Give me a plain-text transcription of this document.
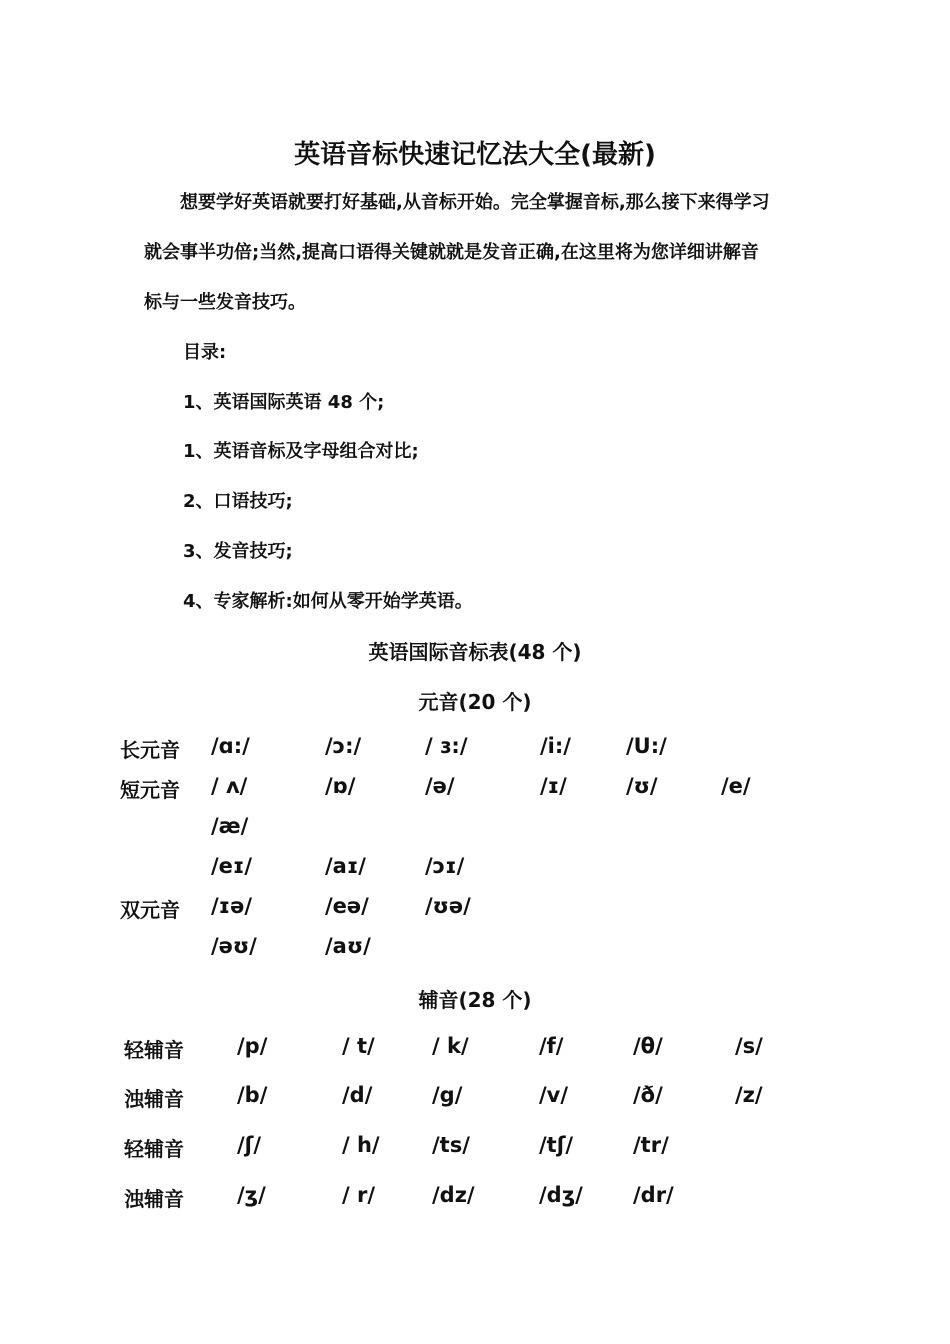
英语音标快速记忆法大全(最新)
　　想要学好英语就要打好基础,从音标开始。完全掌握音标,那么接下来得学习
就会事半功倍;当然,提高口语得关键就就是发音正确,在这里将为您详细讲解音
标与一些发音技巧。
目录:
1、英语国际英语 48 个;
1、英语音标及字母组合对比;
2、口语技巧;
3、发音技巧;
4、专家解析:如何从零开始学英语。
英语国际音标表(48 个)
元音(20 个)
长元音 /ɑ:/	/ɔ:/	/ ɜ:/	/i:/	/U:/
短元音 / ʌ/	/ɒ/	/ə/	/ɪ/	/ʊ/	/e/
/æ/
/eɪ/	/aɪ/	/ɔɪ/
双元音 /ɪə/	/eə/	/ʊə/
/əʊ/	/aʊ/
辅音(28 个)
轻辅音	/p/	/ t/	/ k/	/f/	/θ/	/s/
浊辅音	/b/	/d/	/g/	/v/	/ð/	/z/
轻辅音	/ʃ/	/ h/ /ts/	/tʃ/	/tr/
浊辅音	/ʒ/	/ r/	/dz/	/dʒ/ /dr/
